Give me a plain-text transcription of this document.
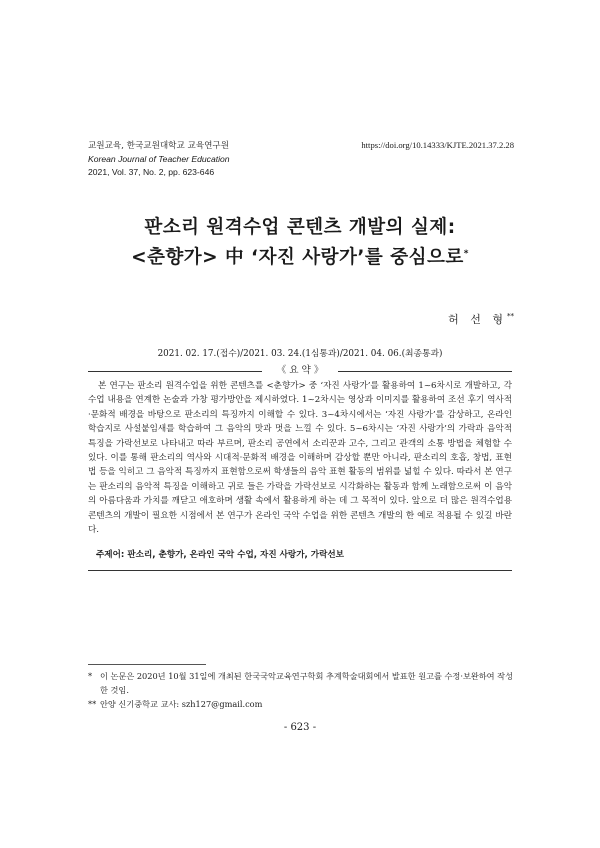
교원교육, 한국교원대학교 교육연구원
Korean Journal of Teacher Education
2021, Vol. 37, No. 2, pp. 623-646
https://doi.org/10.14333/KJTE.2021.37.2.28
판소리 원격수업 콘텐츠 개발의 실제:
<춘향가> 中 ‘자진 사랑가’를 중심으로*
허 선 형**
2021. 02. 17.(접수)/2021. 03. 24.(1심통과)/2021. 04. 06.(최종통과)
《 요 약 》

본 연구는 판소리 원격수업을 위한 콘텐츠를 <춘향가> 중 ‘자진 사랑가’를 활용하여 1~6차시로 개발하고, 각 수업 내용을 연계한 논술과 가창 평가방안을 제시하였다. 1~2차시는 영상과 이미지를 활용하여 조선 후기 역사적·문화적 배경을 바탕으로 판소리의 특징까지 이해할 수 있다. 3~4차시에서는 ‘자진 사랑가’를 감상하고, 온라인 학습지로 사설붙임새를 학습하여 그 음악의 맛과 멋을 느낄 수 있다. 5~6차시는 ‘자진 사랑가’의 가락과 음악적 특징을 가락선보로 나타내고 따라 부르며, 판소리 공연에서 소리꾼과 고수, 그리고 관객의 소통 방법을 체험할 수 있다. 이를 통해 판소리의 역사와 시대적·문화적 배경을 이해하며 감상할 뿐만 아니라, 판소리의 호흡, 창법, 표현법 등을 익히고 그 음악적 특징까지 표현함으로써 학생들의 음악 표현 활동의 범위를 넓힐 수 있다. 따라서 본 연구는 판소리의 음악적 특징을 이해하고 귀로 들은 가락을 가락선보로 시각화하는 활동과 함께 노래함으로써 이 음악의 아름다움과 가치를 깨닫고 애호하며 생활 속에서 활용하게 하는 데 그 목적이 있다. 앞으로 더 많은 원격수업용 콘텐츠의 개발이 필요한 시점에서 본 연구가 온라인 국악 수업을 위한 콘텐츠 개발의 한 예로 적용될 수 있길 바란다.

주제어: 판소리, 춘향가, 온라인 국악 수업, 자진 사랑가, 가락선보
* 이 논문은 2020년 10월 31일에 개최된 한국국악교육연구학회 추계학술대회에서 발표한 원고를 수정·보완하여 작성한 것임.
** 안양 신기중학교 교사: szh127@gmail.com
- 623 -
